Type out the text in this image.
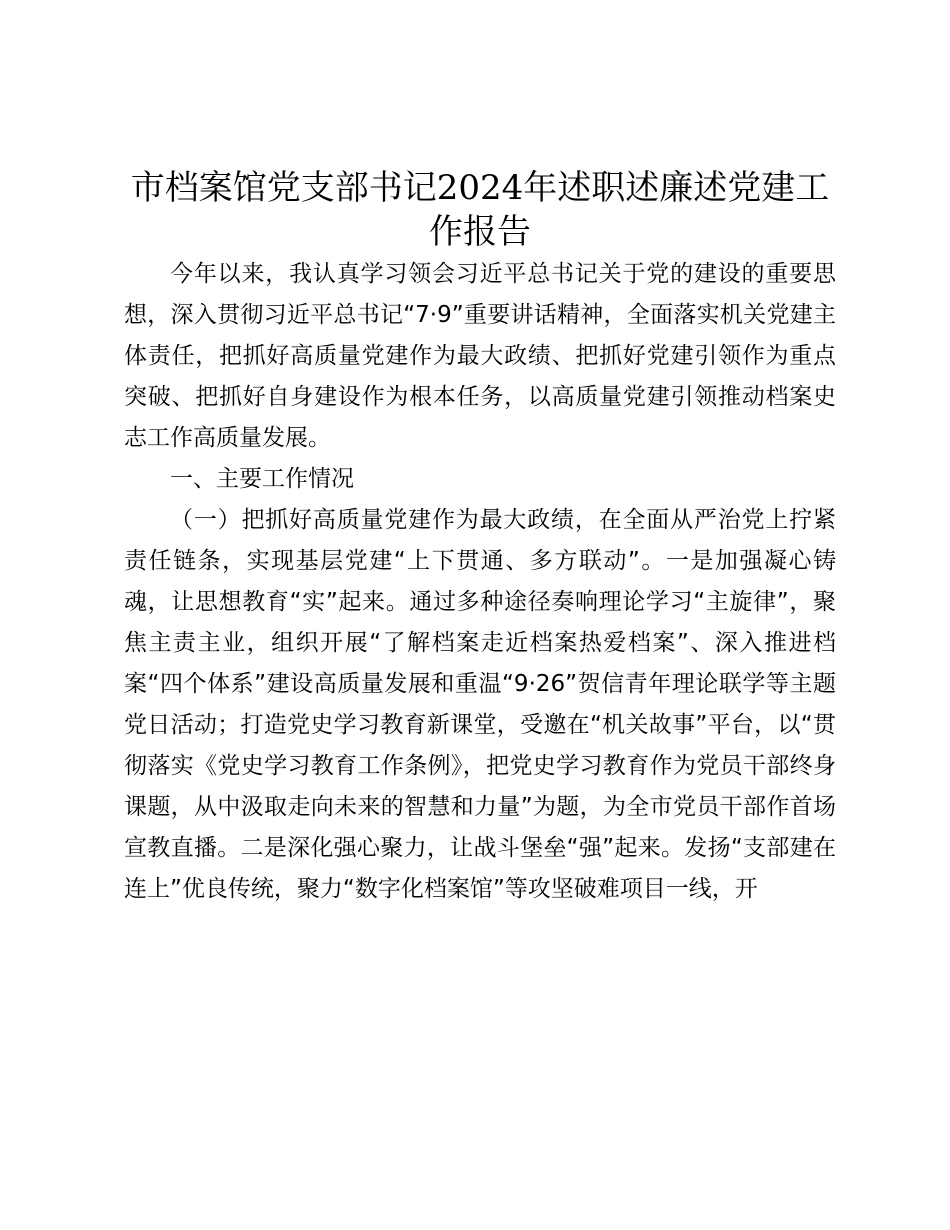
市档案馆党支部书记2024年述职述廉述党建工作报告

今年以来，我认真学习领会习近平总书记关于党的建设的重要思想，深入贯彻习近平总书记“7·9”重要讲话精神，全面落实机关党建主体责任，把抓好高质量党建作为最大政绩、把抓好党建引领作为重点突破、把抓好自身建设作为根本任务，以高质量党建引领推动档案史志工作高质量发展。

一、主要工作情况

（一）把抓好高质量党建作为最大政绩，在全面从严治党上拧紧责任链条，实现基层党建“上下贯通、多方联动”。一是加强凝心铸魂，让思想教育“实”起来。通过多种途径奏响理论学习“主旋律”，聚焦主责主业，组织开展“了解档案走近档案热爱档案”、深入推进档案“四个体系”建设高质量发展和重温“9·26”贺信青年理论联学等主题党日活动；打造党史学习教育新课堂，受邀在“机关故事”平台，以“贯彻落实《党史学习教育工作条例》，把党史学习教育作为党员干部终身课题，从中汲取走向未来的智慧和力量”为题，为全市党员干部作首场宣教直播。二是深化强心聚力，让战斗堡垒“强”起来。发扬“支部建在连上”优良传统，聚力“数字化档案馆”等攻坚破难项目一线，开
